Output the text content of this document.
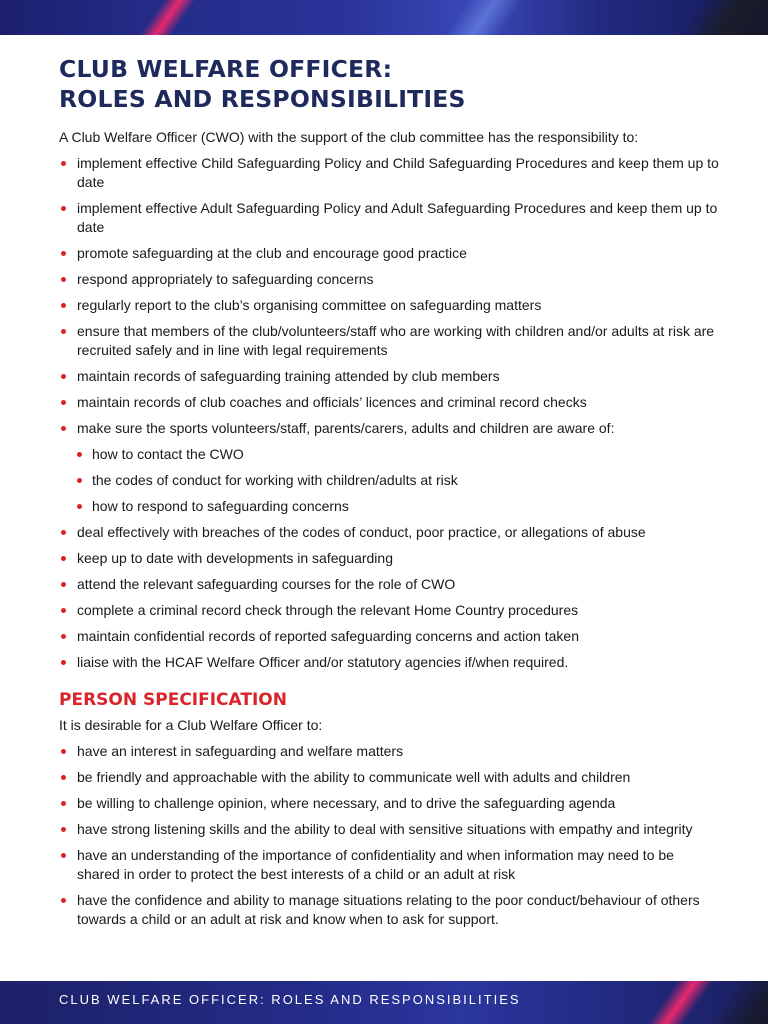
CLUB WELFARE OFFICER:
ROLES AND RESPONSIBILITIES

A Club Welfare Officer (CWO) with the support of the club committee has the responsibility to:

implement effective Child Safeguarding Policy and Child Safeguarding Procedures and keep them up to date
implement effective Adult Safeguarding Policy and Adult Safeguarding Procedures and keep them up to date
promote safeguarding at the club and encourage good practice
respond appropriately to safeguarding concerns
regularly report to the club’s organising committee on safeguarding matters
ensure that members of the club/volunteers/staff who are working with children and/or adults at risk are recruited safely and in line with legal requirements
maintain records of safeguarding training attended by club members
maintain records of club coaches and officials’ licences and criminal record checks
make sure the sports volunteers/staff, parents/carers, adults and children are aware of:
how to contact the CWO
the codes of conduct for working with children/adults at risk
how to respond to safeguarding concerns
deal effectively with breaches of the codes of conduct, poor practice, or allegations of abuse
keep up to date with developments in safeguarding
attend the relevant safeguarding courses for the role of CWO
complete a criminal record check through the relevant Home Country procedures
maintain confidential records of reported safeguarding concerns and action taken
liaise with the HCAF Welfare Officer and/or statutory agencies if/when required.
PERSON SPECIFICATION

It is desirable for a Club Welfare Officer to:

have an interest in safeguarding and welfare matters
be friendly and approachable with the ability to communicate well with adults and children
be willing to challenge opinion, where necessary, and to drive the safeguarding agenda
have strong listening skills and the ability to deal with sensitive situations with empathy and integrity
have an understanding of the importance of confidentiality and when information may need to be shared in order to protect the best interests of a child or an adult at risk
have the confidence and ability to manage situations relating to the poor conduct/behaviour of others towards a child or an adult at risk and know when to ask for support.
CLUB WELFARE OFFICER: ROLES AND RESPONSIBILITIES
